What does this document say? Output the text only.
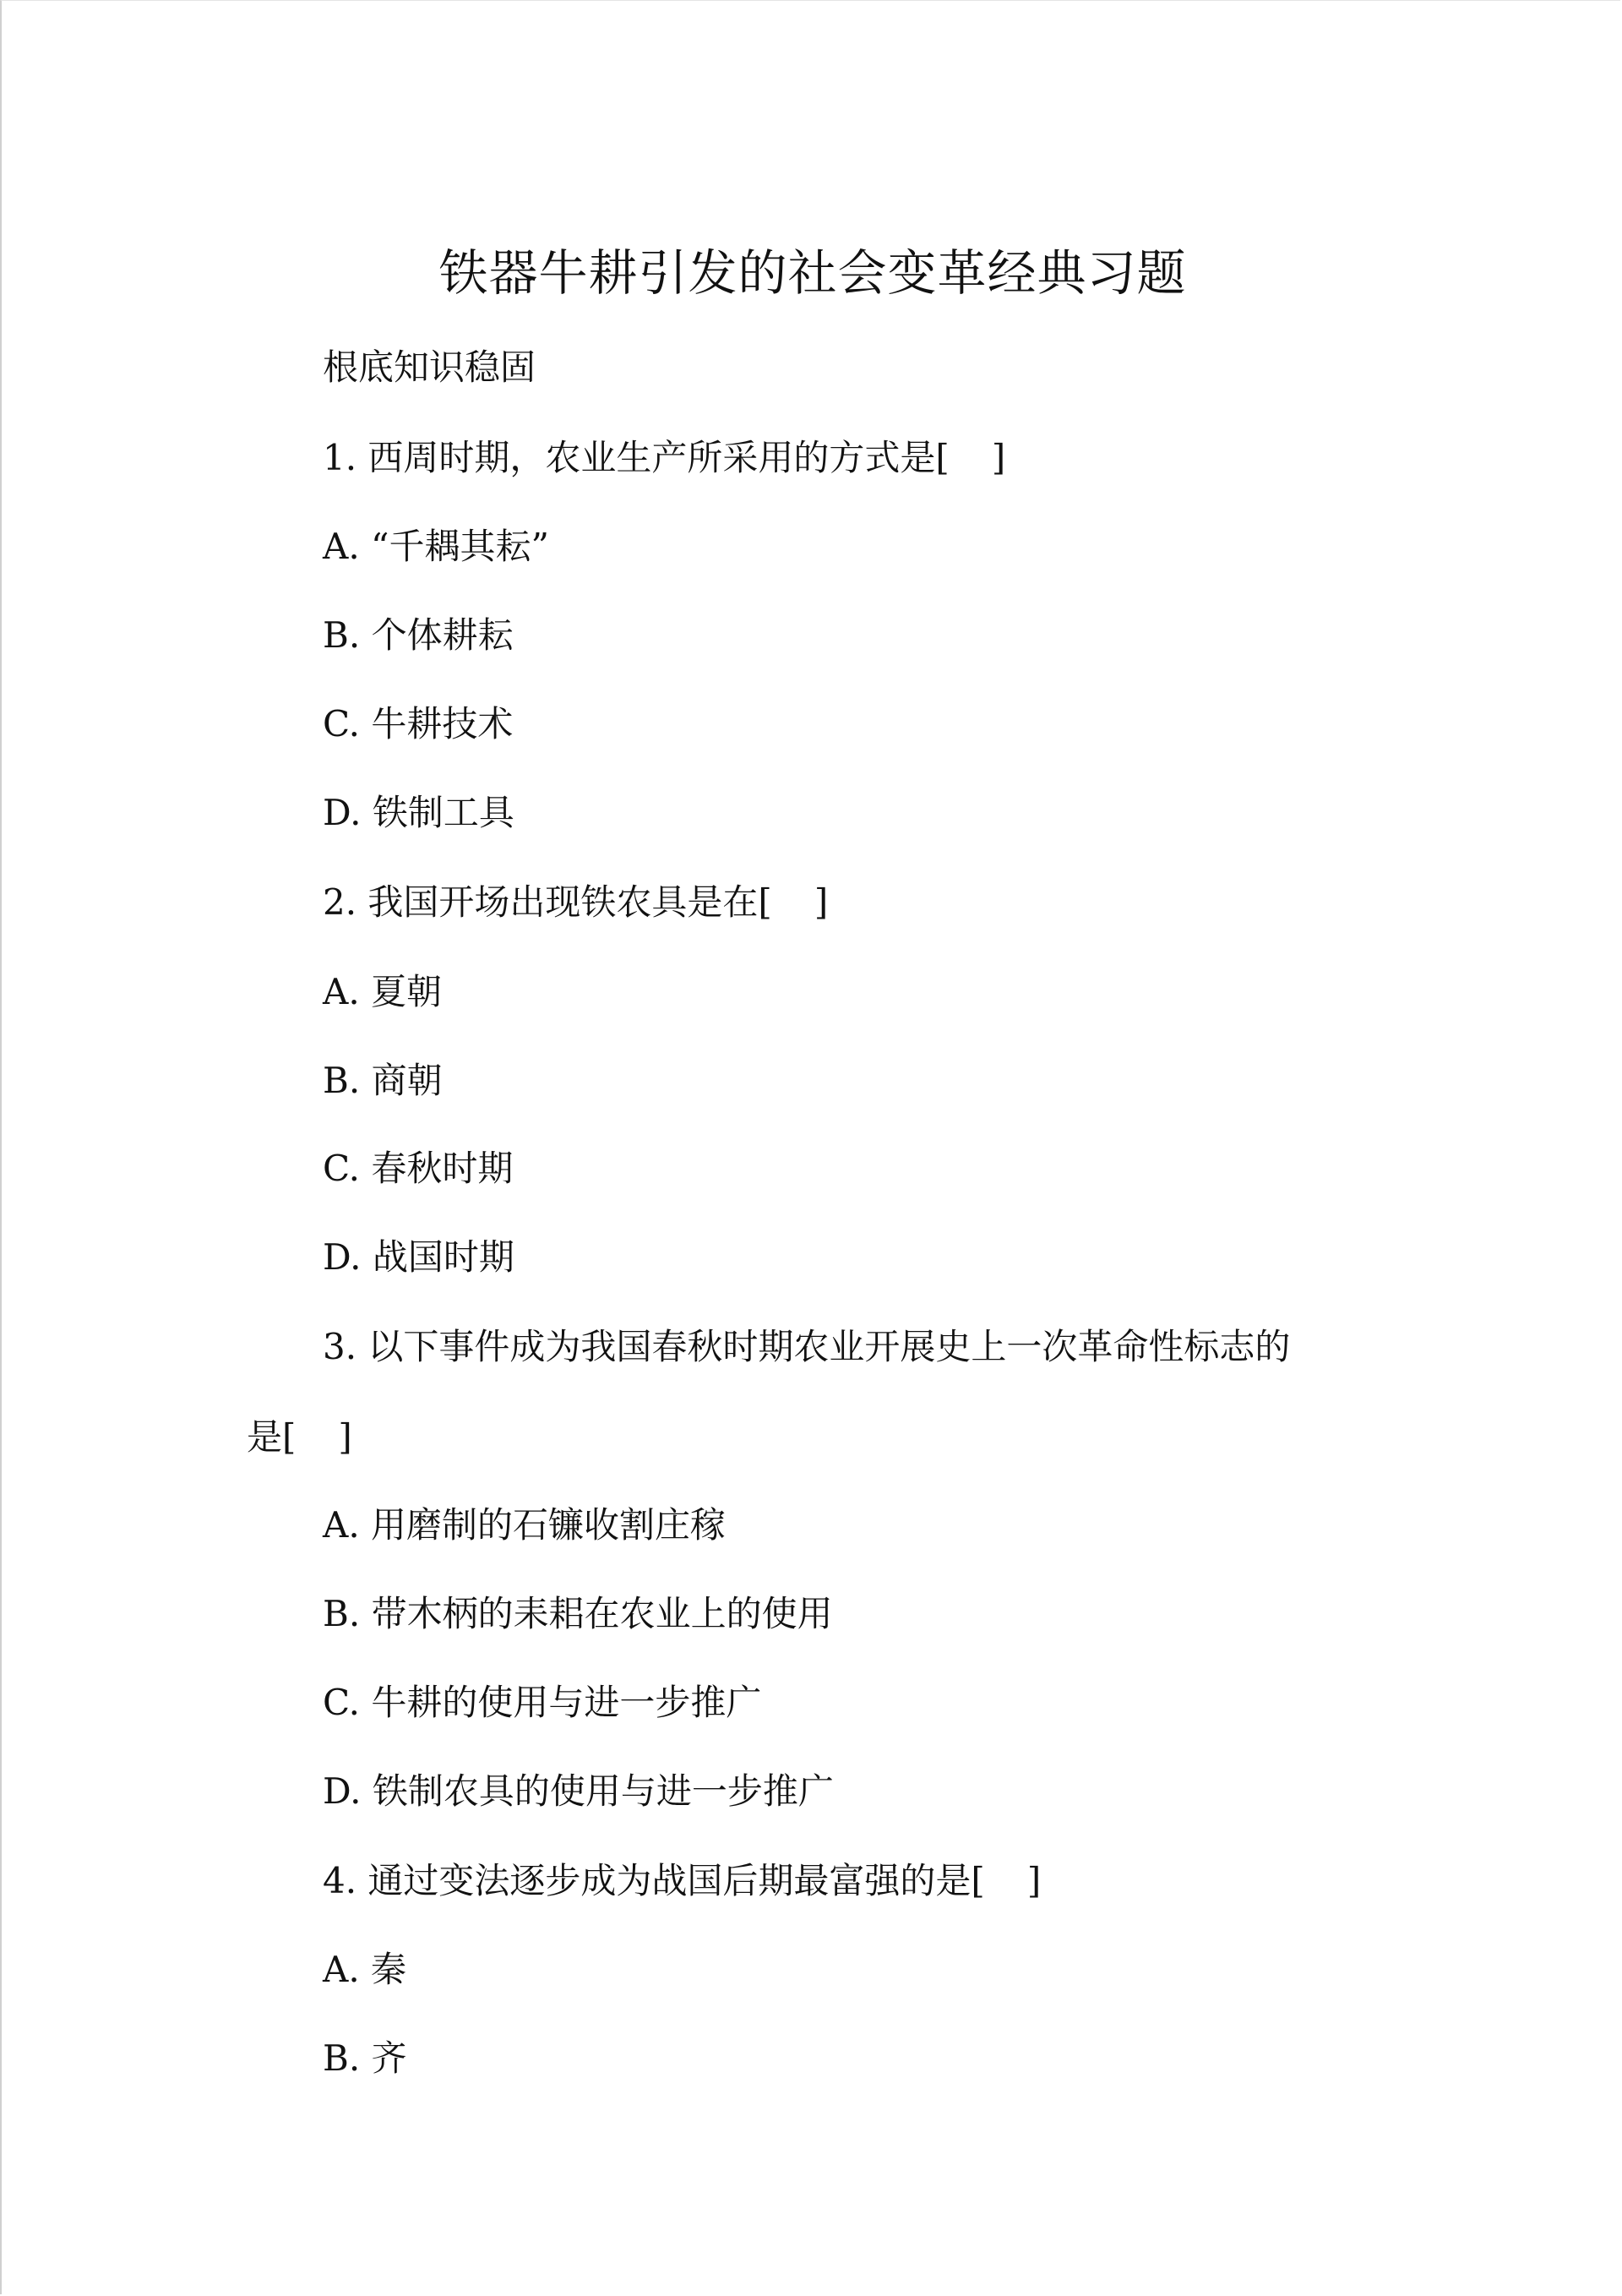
铁器牛耕引发的社会变革经典习题
根底知识稳固
1. 西周时期，农业生产所采用的方式是[ ]
A. “千耦其耘”
B. 个体耕耘
C. 牛耕技术
D. 铁制工具
2. 我国开场出现铁农具是在[ ]
A. 夏朝
B. 商朝
C. 春秋时期
D. 战国时期
3. 以下事件成为我国春秋时期农业开展史上一次革命性标志的
是[ ]
A. 用磨制的石镰收割庄稼
B. 带木柄的耒耜在农业上的使用
C. 牛耕的使用与进一步推广
D. 铁制农具的使用与进一步推广
4. 通过变法逐步成为战国后期最富强的是[ ]
A. 秦
B. 齐
